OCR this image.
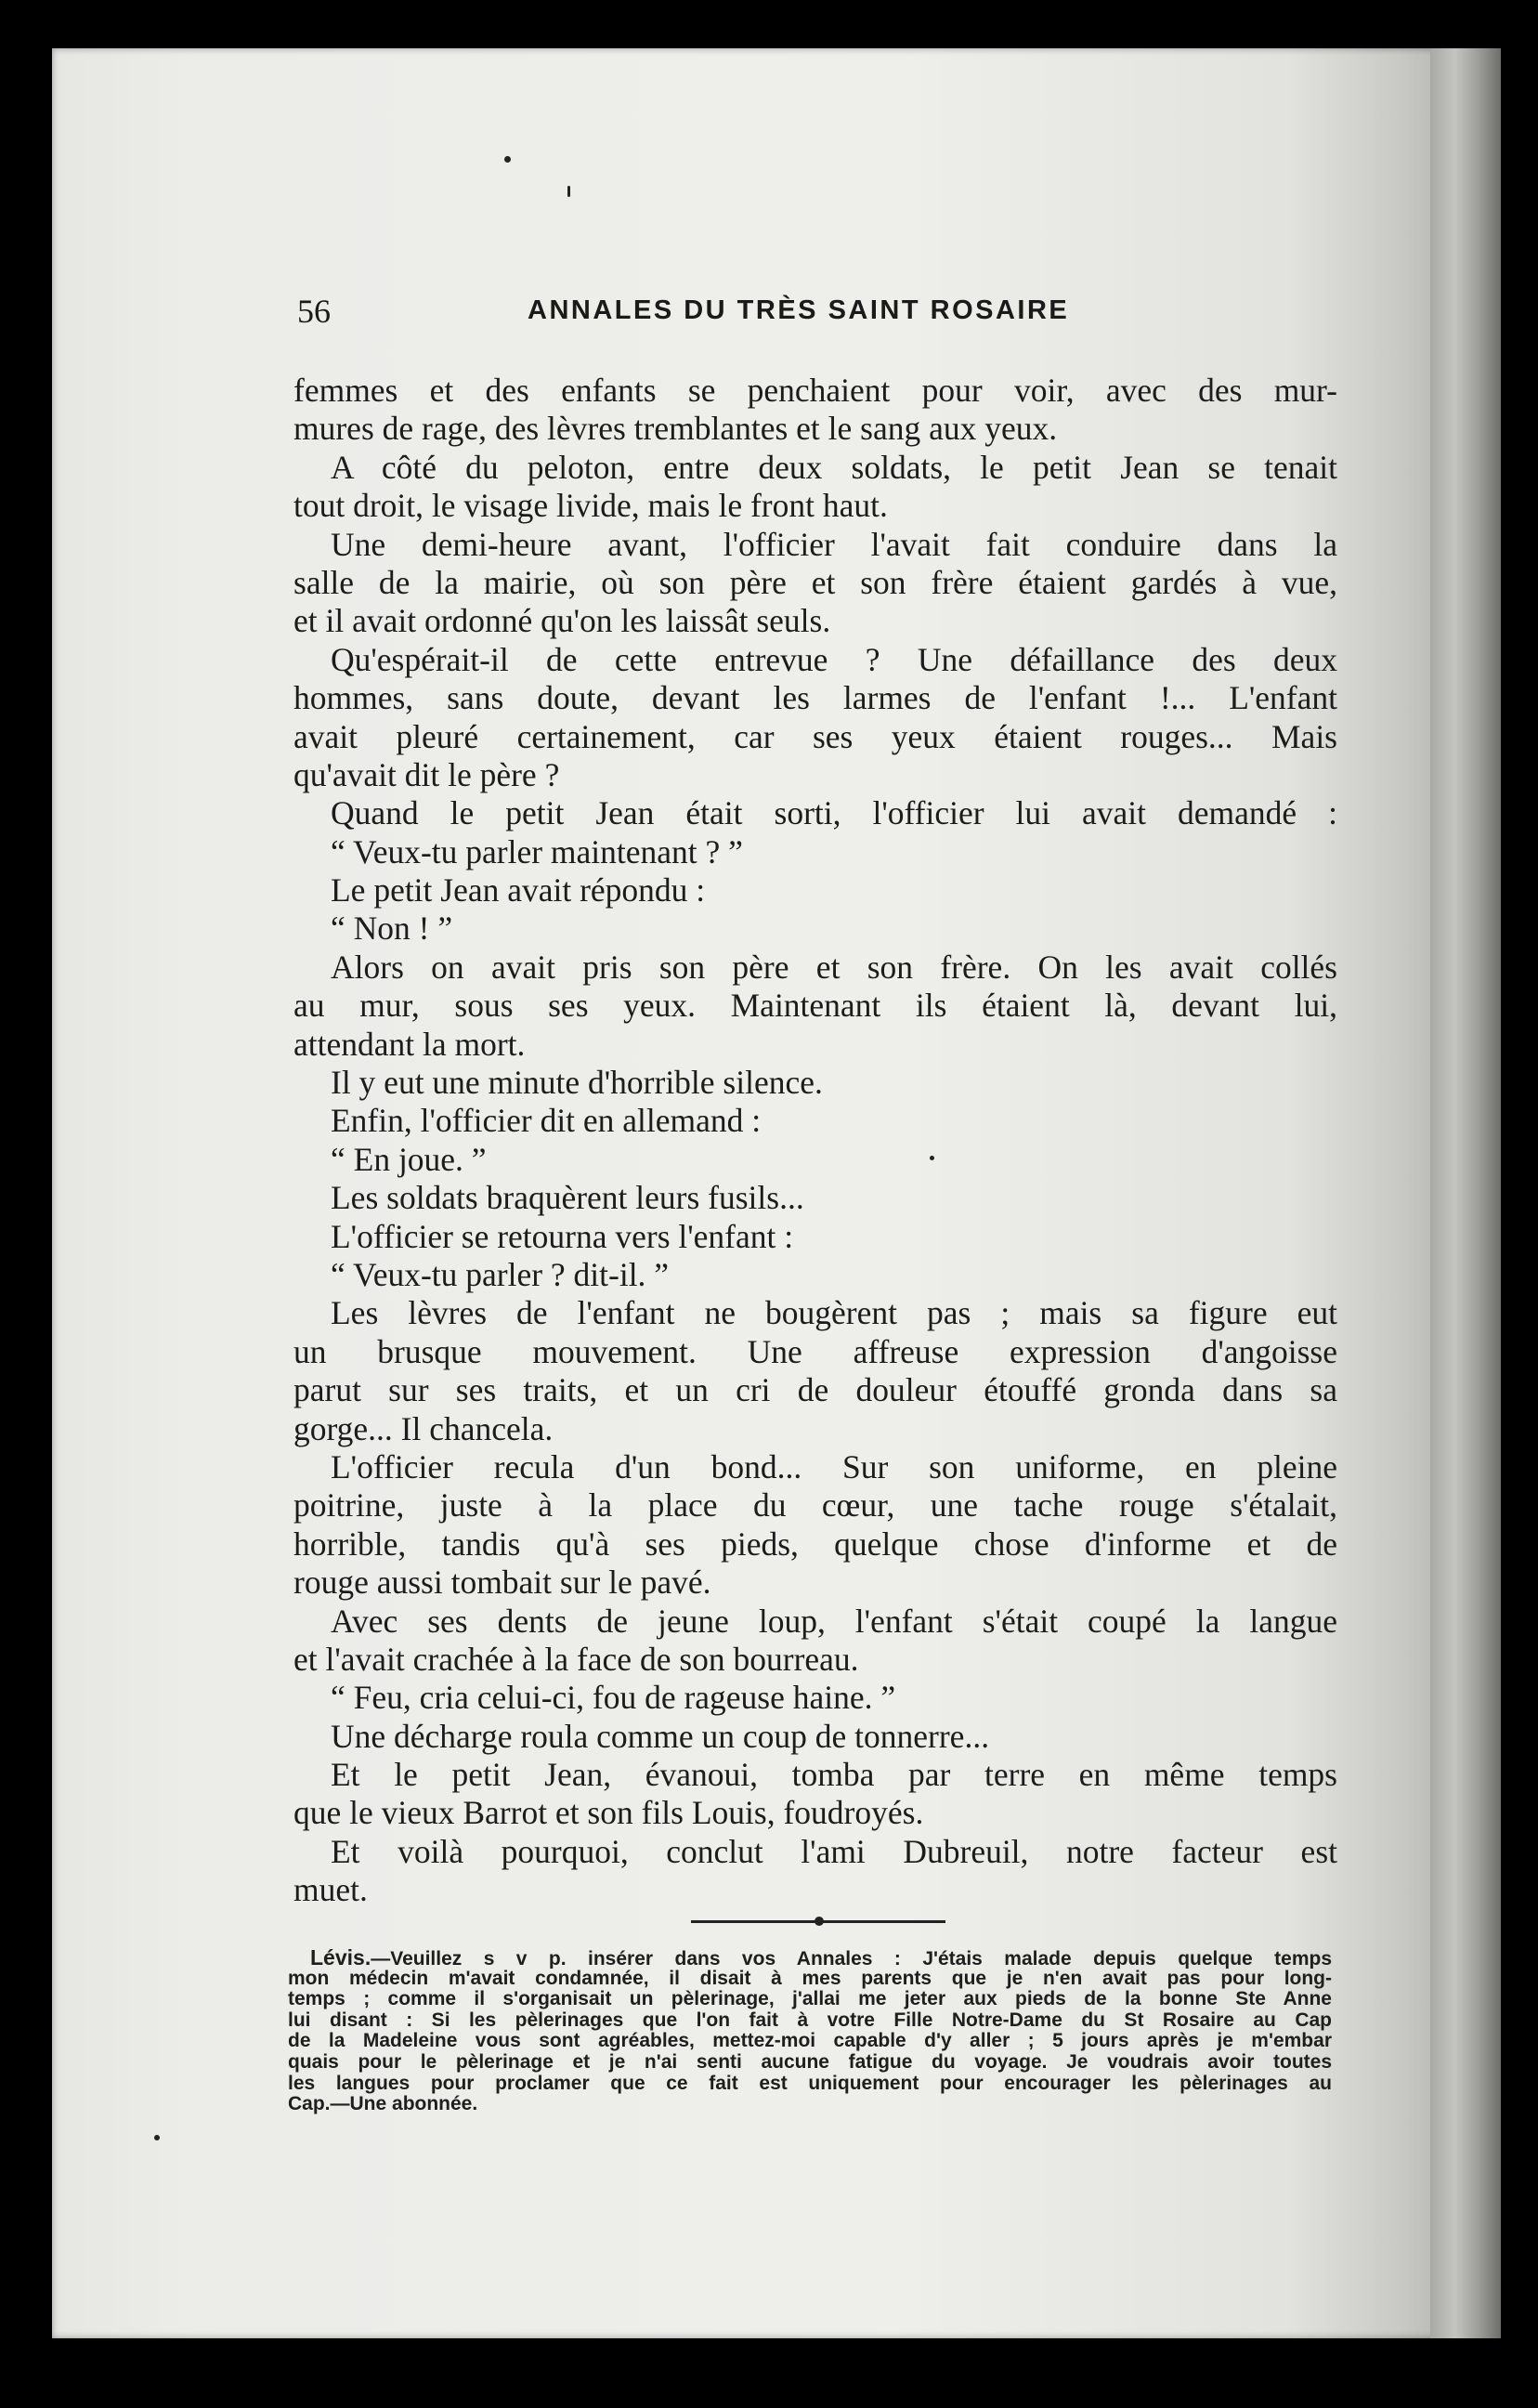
56	ANNALES DU TRÈS SAINT ROSAIRE
femmes et des enfants se penchaient pour voir, avec des mur-
mures de rage, des lèvres tremblantes et le sang aux yeux.
A côté du peloton, entre deux soldats, le petit Jean se tenait
tout droit, le visage livide, mais le front haut.
Une demi-heure avant, l'officier l'avait fait conduire dans la
salle de la mairie, où son père et son frère étaient gardés à vue,
et il avait ordonné qu'on les laissât seuls.
Qu'espérait-il de cette entrevue ? Une défaillance des deux
hommes, sans doute, devant les larmes de l'enfant !... L'enfant
avait pleuré certainement, car ses yeux étaient rouges... Mais
qu'avait dit le père ?
Quand le petit Jean était sorti, l'officier lui avait demandé :
“ Veux-tu parler maintenant ? ”
Le petit Jean avait répondu :
“ Non ! ”
Alors on avait pris son père et son frère. On les avait collés
au mur, sous ses yeux. Maintenant ils étaient là, devant lui,
attendant la mort.
Il y eut une minute d'horrible silence.
Enfin, l'officier dit en allemand :
“ En joue. ”
Les soldats braquèrent leurs fusils...
L'officier se retourna vers l'enfant :
“ Veux-tu parler ? dit-il. ”
Les lèvres de l'enfant ne bougèrent pas ; mais sa figure eut
un brusque mouvement. Une affreuse expression d'angoisse
parut sur ses traits, et un cri de douleur étouffé gronda dans sa
gorge... Il chancela.
L'officier recula d'un bond... Sur son uniforme, en pleine
poitrine, juste à la place du cœur, une tache rouge s'étalait,
horrible, tandis qu'à ses pieds, quelque chose d'informe et de
rouge aussi tombait sur le pavé.
Avec ses dents de jeune loup, l'enfant s'était coupé la langue
et l'avait crachée à la face de son bourreau.
“ Feu, cria celui-ci, fou de rageuse haine. ”
Une décharge roula comme un coup de tonnerre...
Et le petit Jean, évanoui, tomba par terre en même temps
que le vieux Barrot et son fils Louis, foudroyés.
Et voilà pourquoi, conclut l'ami Dubreuil, notre facteur est
muet.
Lévis.—Veuillez s v p. insérer dans vos Annales : J'étais malade depuis quelque temps
mon médecin m'avait condamnée, il disait à mes parents que je n'en avait pas pour long-
temps ; comme il s'organisait un pèlerinage, j'allai me jeter aux pieds de la bonne Ste Anne
lui disant : Si les pèlerinages que l'on fait à votre Fille Notre-Dame du St Rosaire au Cap
de la Madeleine vous sont agréables, mettez-moi capable d'y aller ; 5 jours après je m'embar
quais pour le pèlerinage et je n'ai senti aucune fatigue du voyage. Je voudrais avoir toutes
les langues pour proclamer que ce fait est uniquement pour encourager les pèlerinages au
Cap.—Une abonnée.
